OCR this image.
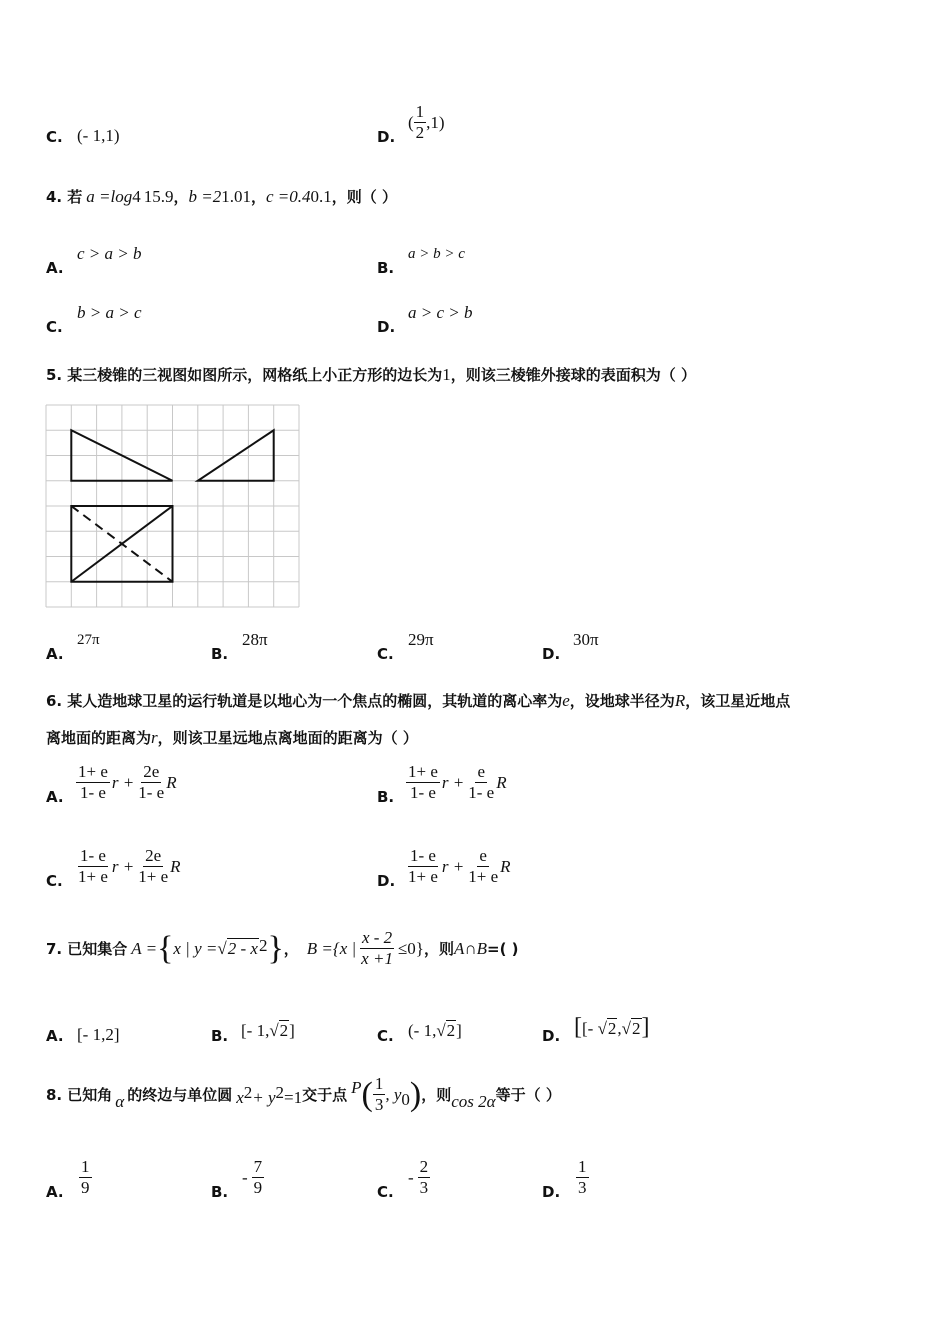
C. (- 1,1)	D.
( $\frac{1}{2} ,1$)
4.
若 a =log 4 15.9 ， b =2 1.01 ， c =0.4 0.1 ，则（ ）
A.
c > a > b
B.
a > b > c
C.
b > a > c
D.
a > c > b
5. 某三棱锥的三视图如图所示，网格纸上小正方形的边长为1，则该三棱锥外接球的表面积为（ ）
A.
27π
B.
28π
C.
29π
D.
30π
6. 某人造地球卫星的运行轨道是以地心为一个焦点的椭圆，其轨道的离心率为e，设地球半径为R，该卫星近地点
离地面的距离为r，则该卫星远地点离地面的距离为（ ）
A. $\frac{1+ e}{1- e}$ $r + \frac{2e}{1- e}$ R
B. $\frac{1+ e}{1- e}$ $r + \frac{e}{1- e}$ R
C. $\frac{1- e}{1+ e}$ $r + \frac{2e}{1+ e}$ R
D. $\frac{1- e}{1+ e}$ $r + \frac{e}{1+ e}$ R
7.
已知集合 A = { x | y = √ 2 - x 2 } ， B ={x | $\frac{x - 2}{x +1} \le 0$} ，则 A∩B =( )
A. [- 1,2]	B. [- 1,√2]	C. (- 1,√2]	D. [[- √2,√2]
8.
已知角 α 的终边与单位圆 x 2 + y 2 =1 交于点 P ( $\frac{1}{3}$ , y 0 ) ，则 cos 2α 等于（ ）
A. $\frac{1}{9}$	B.
- $\frac{7}{9}$	C.
- $\frac{2}{3}$	D. $\frac{1}{3}$
